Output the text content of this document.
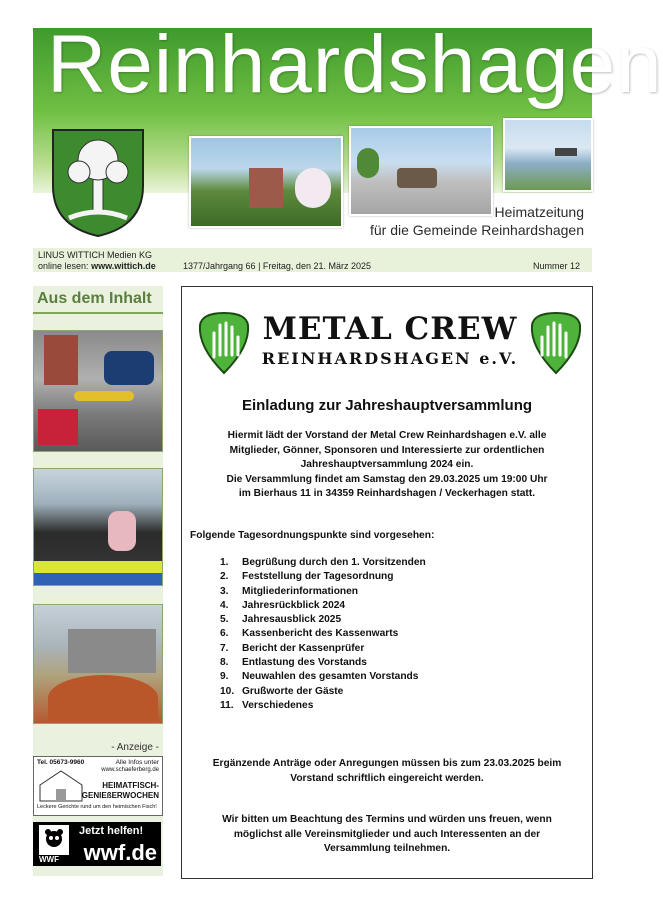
Reinhardshagen
Heimatzeitung
für die Gemeinde Reinhardshagen
LINUS WITTICH Medien KG
online lesen: www.wittich.de	1377/Jahrgang 66 | Freitag, den 21. März 2025	Nummer 12
Aus dem Inhalt
- Anzeige -
Tel. 05673-9960	Alle Infos unter
www.schaeferberg.de
HEIMATFISCH-
GENIEßERWOCHEN
Leckere Gerichte rund um den heimischen Fisch!
WWF
Jetzt helfen!
wwf.de
METAL CREW
REINHARDSHAGEN e.V.
Einladung zur Jahreshauptversammlung
Hiermit lädt der Vorstand der Metal Crew Reinhardshagen e.V. alle
Mitglieder, Gönner, Sponsoren und Interessierte zur ordentlichen
Jahreshauptversammlung 2024 ein.
Die Versammlung findet am Samstag den 29.03.2025 um 19:00 Uhr
im Bierhaus 11 in 34359 Reinhardshagen / Veckerhagen statt.
Folgende Tagesordnungspunkte sind vorgesehen:
1. Begrüßung durch den 1. Vorsitzenden
2. Feststellung der Tagesordnung
3. Mitgliederinformationen
4. Jahresrückblick 2024
5. Jahresausblick 2025
6. Kassenbericht des Kassenwarts
7. Bericht der Kassenprüfer
8. Entlastung des Vorstands
9. Neuwahlen des gesamten Vorstands
10. Grußworte der Gäste
11. Verschiedenes
Ergänzende Anträge oder Anregungen müssen bis zum 23.03.2025 beim
Vorstand schriftlich eingereicht werden.
Wir bitten um Beachtung des Termins und würden uns freuen, wenn
möglichst alle Vereinsmitglieder und auch Interessenten an der
Versammlung teilnehmen.
